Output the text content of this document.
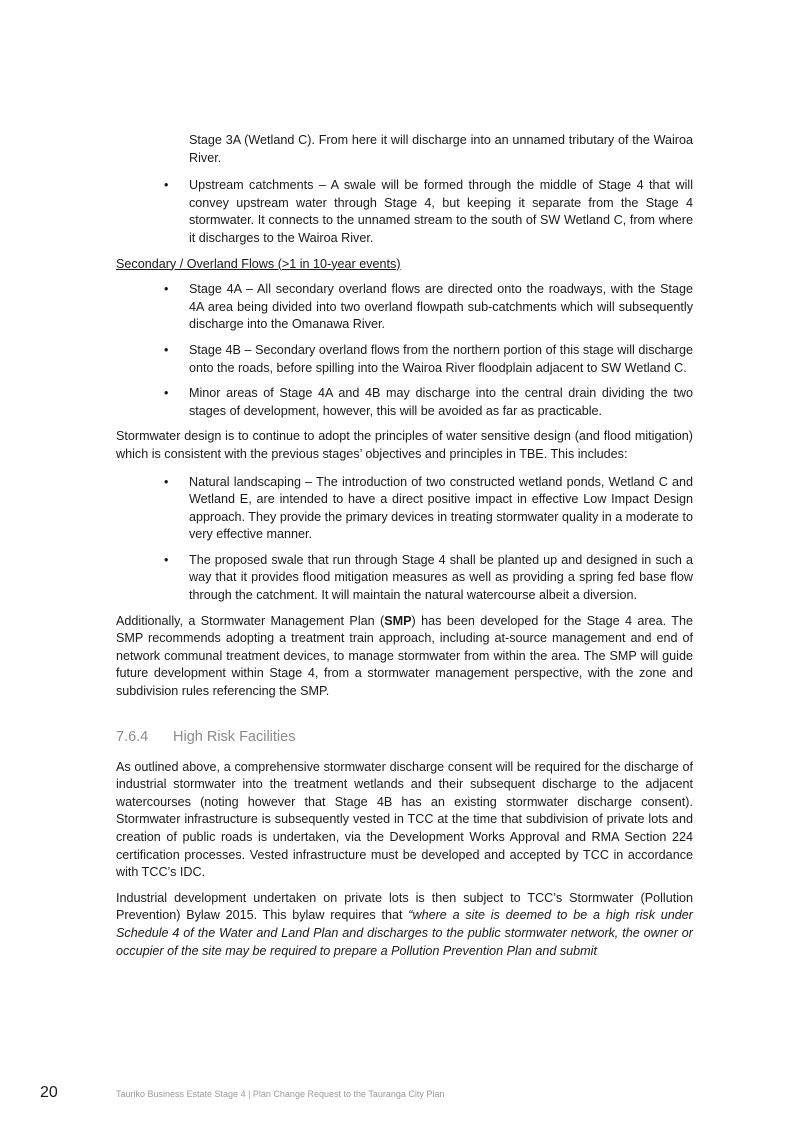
Stage 3A (Wetland C). From here it will discharge into an unnamed tributary of the Wairoa River.

•	Upstream catchments – A swale will be formed through the middle of Stage 4 that will convey upstream water through Stage 4, but keeping it separate from the Stage 4 stormwater. It connects to the unnamed stream to the south of SW Wetland C, from where it discharges to the Wairoa River.

Secondary / Overland Flows (>1 in 10-year events)

•	Stage 4A – All secondary overland flows are directed onto the roadways, with the Stage 4A area being divided into two overland flowpath sub-catchments which will subsequently discharge into the Omanawa River.
•	Stage 4B – Secondary overland flows from the northern portion of this stage will discharge onto the roads, before spilling into the Wairoa River floodplain adjacent to SW Wetland C.
•	Minor areas of Stage 4A and 4B may discharge into the central drain dividing the two stages of development, however, this will be avoided as far as practicable.

Stormwater design is to continue to adopt the principles of water sensitive design (and flood mitigation) which is consistent with the previous stages’ objectives and principles in TBE. This includes:

•	Natural landscaping – The introduction of two constructed wetland ponds, Wetland C and Wetland E, are intended to have a direct positive impact in effective Low Impact Design approach. They provide the primary devices in treating stormwater quality in a moderate to very effective manner.
•	The proposed swale that run through Stage 4 shall be planted up and designed in such a way that it provides flood mitigation measures as well as providing a spring fed base flow through the catchment. It will maintain the natural watercourse albeit a diversion.

Additionally, a Stormwater Management Plan (SMP) has been developed for the Stage 4 area. The SMP recommends adopting a treatment train approach, including at-source management and end of network communal treatment devices, to manage stormwater from within the area. The SMP will guide future development within Stage 4, from a stormwater management perspective, with the zone and subdivision rules referencing the SMP.

7.6.4 High Risk Facilities

As outlined above, a comprehensive stormwater discharge consent will be required for the discharge of industrial stormwater into the treatment wetlands and their subsequent discharge to the adjacent watercourses (noting however that Stage 4B has an existing stormwater discharge consent). Stormwater infrastructure is subsequently vested in TCC at the time that subdivision of private lots and creation of public roads is undertaken, via the Development Works Approval and RMA Section 224 certification processes. Vested infrastructure must be developed and accepted by TCC in accordance with TCC’s IDC.

Industrial development undertaken on private lots is then subject to TCC’s Stormwater (Pollution Prevention) Bylaw 2015. This bylaw requires that “where a site is deemed to be a high risk under Schedule 4 of the Water and Land Plan and discharges to the public stormwater network, the owner or occupier of the site may be required to prepare a Pollution Prevention Plan and submit

20	Tauriko Business Estate Stage 4 | Plan Change Request to the Tauranga City Plan
